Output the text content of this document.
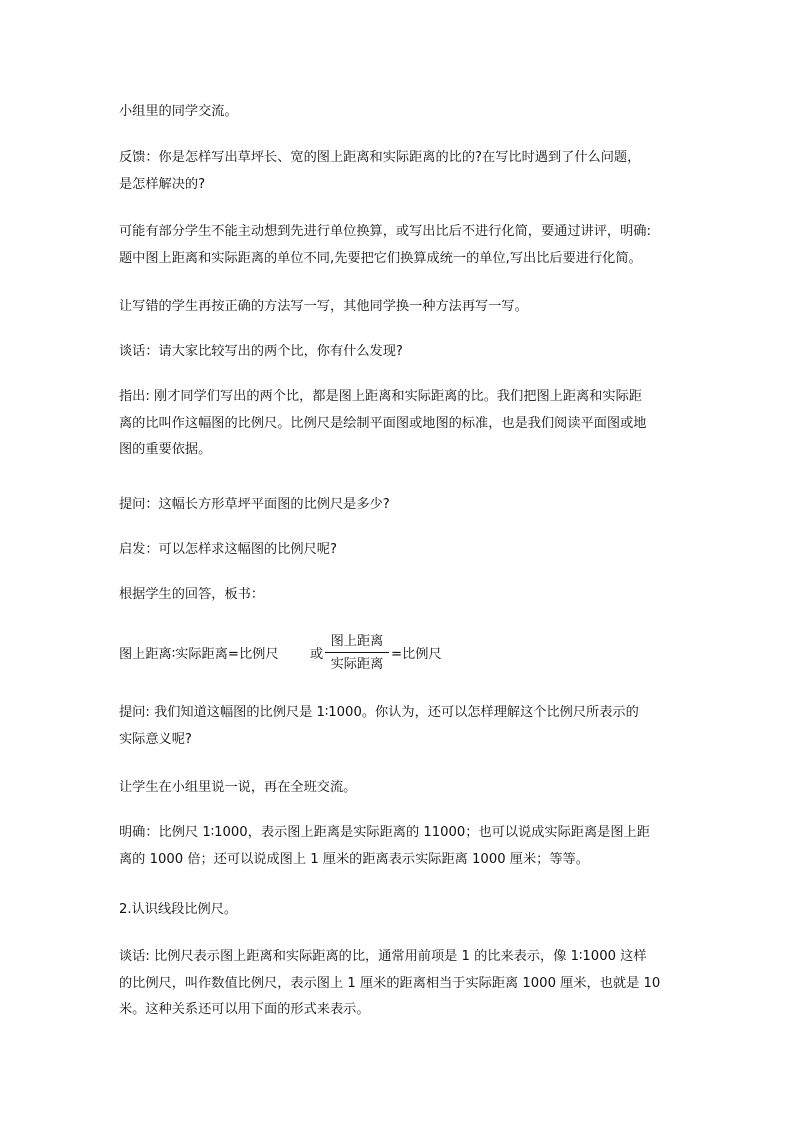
小组里的同学交流。
反馈：你是怎样写出草坪长、宽的图上距离和实际距离的比的?在写比时遇到了什么问题，
是怎样解决的?
可能有部分学生不能主动想到先进行单位换算，或写出比后不进行化简，要通过讲评，明确:
题中图上距离和实际距离的单位不同,先要把它们换算成统一的单位,写出比后要进行化简。
让写错的学生再按正确的方法写一写，其他同学换一种方法再写一写。
谈话：请大家比较写出的两个比，你有什么发现?
指出: 刚才同学们写出的两个比，都是图上距离和实际距离的比。我们把图上距离和实际距
离的比叫作这幅图的比例尺。比例尺是绘制平面图或地图的标准，也是我们阅读平面图或地
图的重要依据。
提问：这幅长方形草坪平面图的比例尺是多少?
启发：可以怎样求这幅图的比例尺呢?
根据学生的回答，板书：
图上距离∶实际距离=比例尺 或
图上距离
实际距离
=比例尺
提问: 我们知道这幅图的比例尺是 1∶1000。你认为，还可以怎样理解这个比例尺所表示的
实际意义呢?
让学生在小组里说一说，再在全班交流。
明确：比例尺 1∶1000，表示图上距离是实际距离的 11000；也可以说成实际距离是图上距
离的 1000 倍；还可以说成图上 1 厘米的距离表示实际距离 1000 厘米；等等。
2.认识线段比例尺。
谈话: 比例尺表示图上距离和实际距离的比，通常用前项是 1 的比来表示，像 1∶1000 这样
的比例尺，叫作数值比例尺，表示图上 1 厘米的距离相当于实际距离 1000 厘米，也就是 10
米。这种关系还可以用下面的形式来表示。
